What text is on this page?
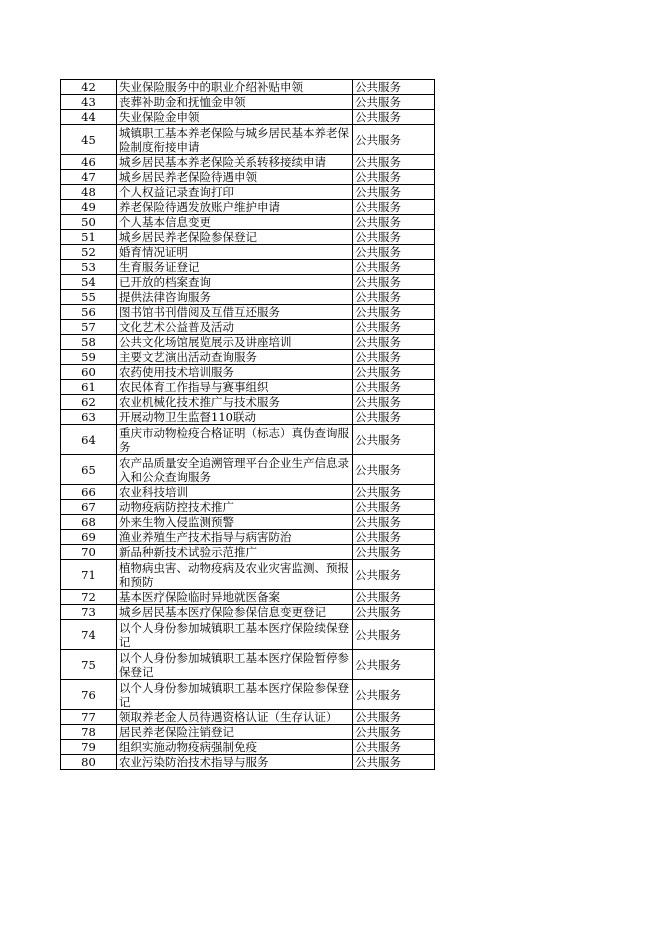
42	失业保险服务中的职业介绍补贴申领	公共服务
43	丧葬补助金和抚恤金申领	公共服务
44	失业保险金申领	公共服务
45	城镇职工基本养老保险与城乡居民基本养老保险制度衔接申请	公共服务
46	城乡居民基本养老保险关系转移接续申请	公共服务
47	城乡居民养老保险待遇申领	公共服务
48	个人权益记录查询打印	公共服务
49	养老保险待遇发放账户维护申请	公共服务
50	个人基本信息变更	公共服务
51	城乡居民养老保险参保登记	公共服务
52	婚育情况证明	公共服务
53	生育服务证登记	公共服务
54	已开放的档案查询	公共服务
55	提供法律咨询服务	公共服务
56	图书馆书刊借阅及互借互还服务	公共服务
57	文化艺术公益普及活动	公共服务
58	公共文化场馆展览展示及讲座培训	公共服务
59	主要文艺演出活动查询服务	公共服务
60	农药使用技术培训服务	公共服务
61	农民体育工作指导与赛事组织	公共服务
62	农业机械化技术推广与技术服务	公共服务
63	开展动物卫生监督110联动	公共服务
64	重庆市动物检疫合格证明（标志）真伪查询服务	公共服务
65	农产品质量安全追溯管理平台企业生产信息录入和公众查询服务	公共服务
66	农业科技培训	公共服务
67	动物疫病防控技术推广	公共服务
68	外来生物入侵监测预警	公共服务
69	渔业养殖生产技术指导与病害防治	公共服务
70	新品种新技术试验示范推广	公共服务
71	植物病虫害、动物疫病及农业灾害监测、预报和预防	公共服务
72	基本医疗保险临时异地就医备案	公共服务
73	城乡居民基本医疗保险参保信息变更登记	公共服务
74	以个人身份参加城镇职工基本医疗保险续保登记	公共服务
75	以个人身份参加城镇职工基本医疗保险暂停参保登记	公共服务
76	以个人身份参加城镇职工基本医疗保险参保登记	公共服务
77	领取养老金人员待遇资格认证（生存认证）	公共服务
78	居民养老保险注销登记	公共服务
79	组织实施动物疫病强制免疫	公共服务
80	农业污染防治技术指导与服务	公共服务
